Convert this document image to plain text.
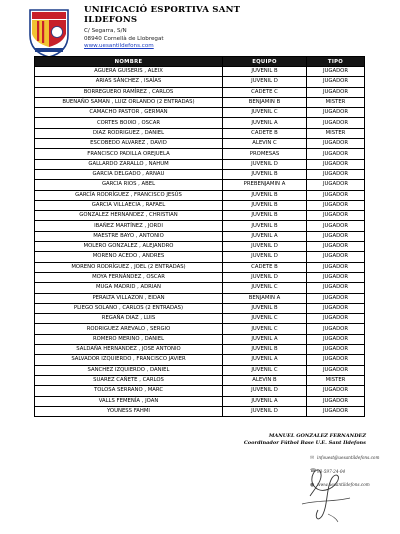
UNIFICACIÓ ESPORTIVA SANT
ILDEFONS
C/ Segarra, S/N
08940 Cornellà de Llobregat
www.uesantildefons.com
NOMBRE	EQUIPO	TIPO
AGUERA GUISERIS , ALEIX	JUVENIL B	JUGADOR
ARIAS SÁNCHEZ , ISAÍAS	JUVENIL D	JUGADOR
BORREGUERO RAMÍREZ , CARLOS	CADETE C	JUGADOR
BUENAÑO SAMAN , LUIZ ORLANDO (2 ENTRADAS)	BENJAMIN B	MISTER
CAMACHO PASTOR , GERMAN	JUVENIL C	JUGADOR
CORTES BOIXO , OSCAR	JUVENIL A	JUGADOR
DIAZ RODRIGUEZ , DANIEL	CADETE B	MISTER
ESCOBEDO ALVAREZ , DAVID	ALEVIN C	JUGADOR
FRANCISCO PADILLA OREJUELA	PROMESAS	JUGADOR
GALLARDO ZARALLO , NAHUM	JUVENIL D	JUGADOR
GARCIA DELGADO , ARNAU	JUVENIL B	JUGADOR
GARCIA RIOS , ABEL	PREBENJAMIN A	JUGADOR
GARCÍA RODRÍGUEZ , FRANCISCO JESÚS	JUVENIL B	JUGADOR
GARCIA VILLAECIA , RAFAEL	JUVENIL B	JUGADOR
GONZALEZ HERNANDEZ , CHRISTIAN	JUVENIL B	JUGADOR
IBAÑEZ MARTÍNEZ , JORDI	JUVENIL B	JUGADOR
MAESTRE BAYO , ANTONIO	JUVENIL A	JUGADOR
MOLERO GONZALEZ , ALEJANDRO	JUVENIL D	JUGADOR
MORENO ACEDO , ANDRES	JUVENIL D	JUGADOR
MORENO RODRÍGUEZ , JOEL (2 ENTRADAS)	CADETE B	JUGADOR
MOYA FERNÁNDEZ , OSCAR	JUVENIL D	JUGADOR
MUGA MADRID , ADRIAN	JUVENIL C	JUGADOR
PERALTA VILLAZON , EIDAN	BENJAMIN A	JUGADOR
PLIEGO SOLANO , CARLOS (2 ENTRADAS)	JUVENIL B	JUGADOR
REGAÑA DIAZ , LUIS	JUVENIL C	JUGADOR
RODRIGUEZ AREVALO , SERGIO	JUVENIL C	JUGADOR
ROMERO MERINO , DANIEL	JUVENIL A	JUGADOR
SALDAÑA HERNANDEZ , JOSE ANTONIO	JUVENIL B	JUGADOR
SALVADOR IZQUIERDO , FRANCISCO JAVIER	JUVENIL A	JUGADOR
SANCHEZ IZQUIERDO , DANIEL	JUVENIL C	JUGADOR
SUAREZ CAÑETE , CARLOS	ALEVIN B	MISTER
TOLOSA SERRANO , MARC	JUVENIL D	JUGADOR
VALLS FEMENÍA , JOAN	JUVENIL A	JUGADOR
YOUNESS FAHMI	JUVENIL D	JUGADOR
MANUEL GONZALEZ FERNANDEZ
Coordinador Fútbol Base U.E. Sant Ildefons
✉ infouest@uesantildefons.com
☎ 93-597-24-04
● www.uesantildefons.com
